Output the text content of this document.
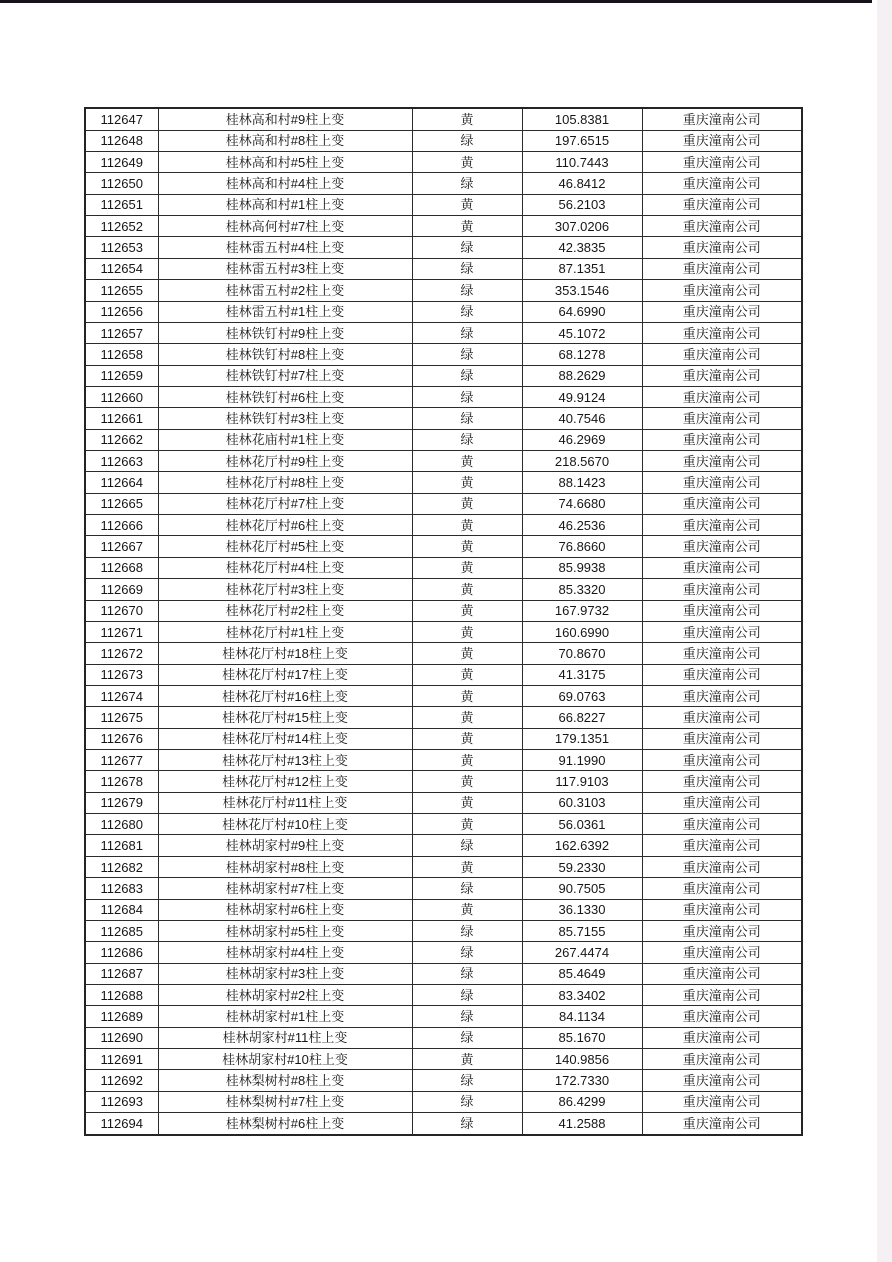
112647	桂林高和村#9柱上变	黄	105.8381	重庆潼南公司
112648	桂林高和村#8柱上变	绿	197.6515	重庆潼南公司
112649	桂林高和村#5柱上变	黄	110.7443	重庆潼南公司
112650	桂林高和村#4柱上变	绿	46.8412	重庆潼南公司
112651	桂林高和村#1柱上变	黄	56.2103	重庆潼南公司
112652	桂林高何村#7柱上变	黄	307.0206	重庆潼南公司
112653	桂林雷五村#4柱上变	绿	42.3835	重庆潼南公司
112654	桂林雷五村#3柱上变	绿	87.1351	重庆潼南公司
112655	桂林雷五村#2柱上变	绿	353.1546	重庆潼南公司
112656	桂林雷五村#1柱上变	绿	64.6990	重庆潼南公司
112657	桂林铁钉村#9柱上变	绿	45.1072	重庆潼南公司
112658	桂林铁钉村#8柱上变	绿	68.1278	重庆潼南公司
112659	桂林铁钉村#7柱上变	绿	88.2629	重庆潼南公司
112660	桂林铁钉村#6柱上变	绿	49.9124	重庆潼南公司
112661	桂林铁钉村#3柱上变	绿	40.7546	重庆潼南公司
112662	桂林花庙村#1柱上变	绿	46.2969	重庆潼南公司
112663	桂林花厅村#9柱上变	黄	218.5670	重庆潼南公司
112664	桂林花厅村#8柱上变	黄	88.1423	重庆潼南公司
112665	桂林花厅村#7柱上变	黄	74.6680	重庆潼南公司
112666	桂林花厅村#6柱上变	黄	46.2536	重庆潼南公司
112667	桂林花厅村#5柱上变	黄	76.8660	重庆潼南公司
112668	桂林花厅村#4柱上变	黄	85.9938	重庆潼南公司
112669	桂林花厅村#3柱上变	黄	85.3320	重庆潼南公司
112670	桂林花厅村#2柱上变	黄	167.9732	重庆潼南公司
112671	桂林花厅村#1柱上变	黄	160.6990	重庆潼南公司
112672	桂林花厅村#18柱上变	黄	70.8670	重庆潼南公司
112673	桂林花厅村#17柱上变	黄	41.3175	重庆潼南公司
112674	桂林花厅村#16柱上变	黄	69.0763	重庆潼南公司
112675	桂林花厅村#15柱上变	黄	66.8227	重庆潼南公司
112676	桂林花厅村#14柱上变	黄	179.1351	重庆潼南公司
112677	桂林花厅村#13柱上变	黄	91.1990	重庆潼南公司
112678	桂林花厅村#12柱上变	黄	117.9103	重庆潼南公司
112679	桂林花厅村#11柱上变	黄	60.3103	重庆潼南公司
112680	桂林花厅村#10柱上变	黄	56.0361	重庆潼南公司
112681	桂林胡家村#9柱上变	绿	162.6392	重庆潼南公司
112682	桂林胡家村#8柱上变	黄	59.2330	重庆潼南公司
112683	桂林胡家村#7柱上变	绿	90.7505	重庆潼南公司
112684	桂林胡家村#6柱上变	黄	36.1330	重庆潼南公司
112685	桂林胡家村#5柱上变	绿	85.7155	重庆潼南公司
112686	桂林胡家村#4柱上变	绿	267.4474	重庆潼南公司
112687	桂林胡家村#3柱上变	绿	85.4649	重庆潼南公司
112688	桂林胡家村#2柱上变	绿	83.3402	重庆潼南公司
112689	桂林胡家村#1柱上变	绿	84.1134	重庆潼南公司
112690	桂林胡家村#11柱上变	绿	85.1670	重庆潼南公司
112691	桂林胡家村#10柱上变	黄	140.9856	重庆潼南公司
112692	桂林梨树村#8柱上变	绿	172.7330	重庆潼南公司
112693	桂林梨树村#7柱上变	绿	86.4299	重庆潼南公司
112694	桂林梨树村#6柱上变	绿	41.2588	重庆潼南公司
